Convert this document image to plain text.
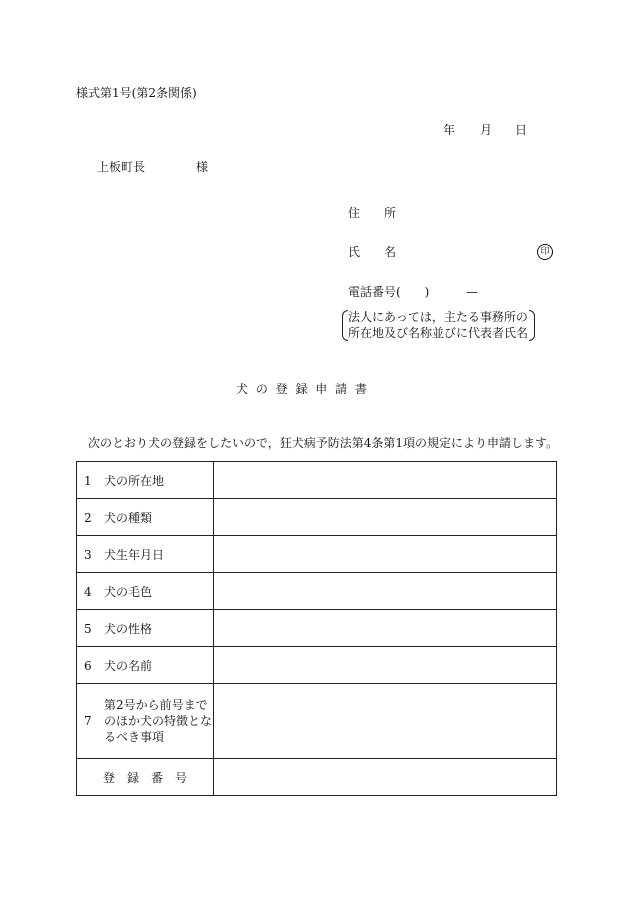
様式第1号(第2条関係)
年 月 日
上板町長	様
住　所
氏　名	印
電話番号(　　)	—
法人にあっては，主たる事務所の
所在地及び名称並びに代表者氏名
犬 の 登 録 申 請 書
次のとおり犬の登録をしたいので，狂犬病予防法第4条第1項の規定により申請します。
1 犬の所在地	
2 犬の種類	
3 犬生年月日	
4 犬の毛色	
5 犬の性格	
6 犬の名前	

7
第2号から前号まで
のほか犬の特徴とな
るべき事項	

登　録　番　号	
